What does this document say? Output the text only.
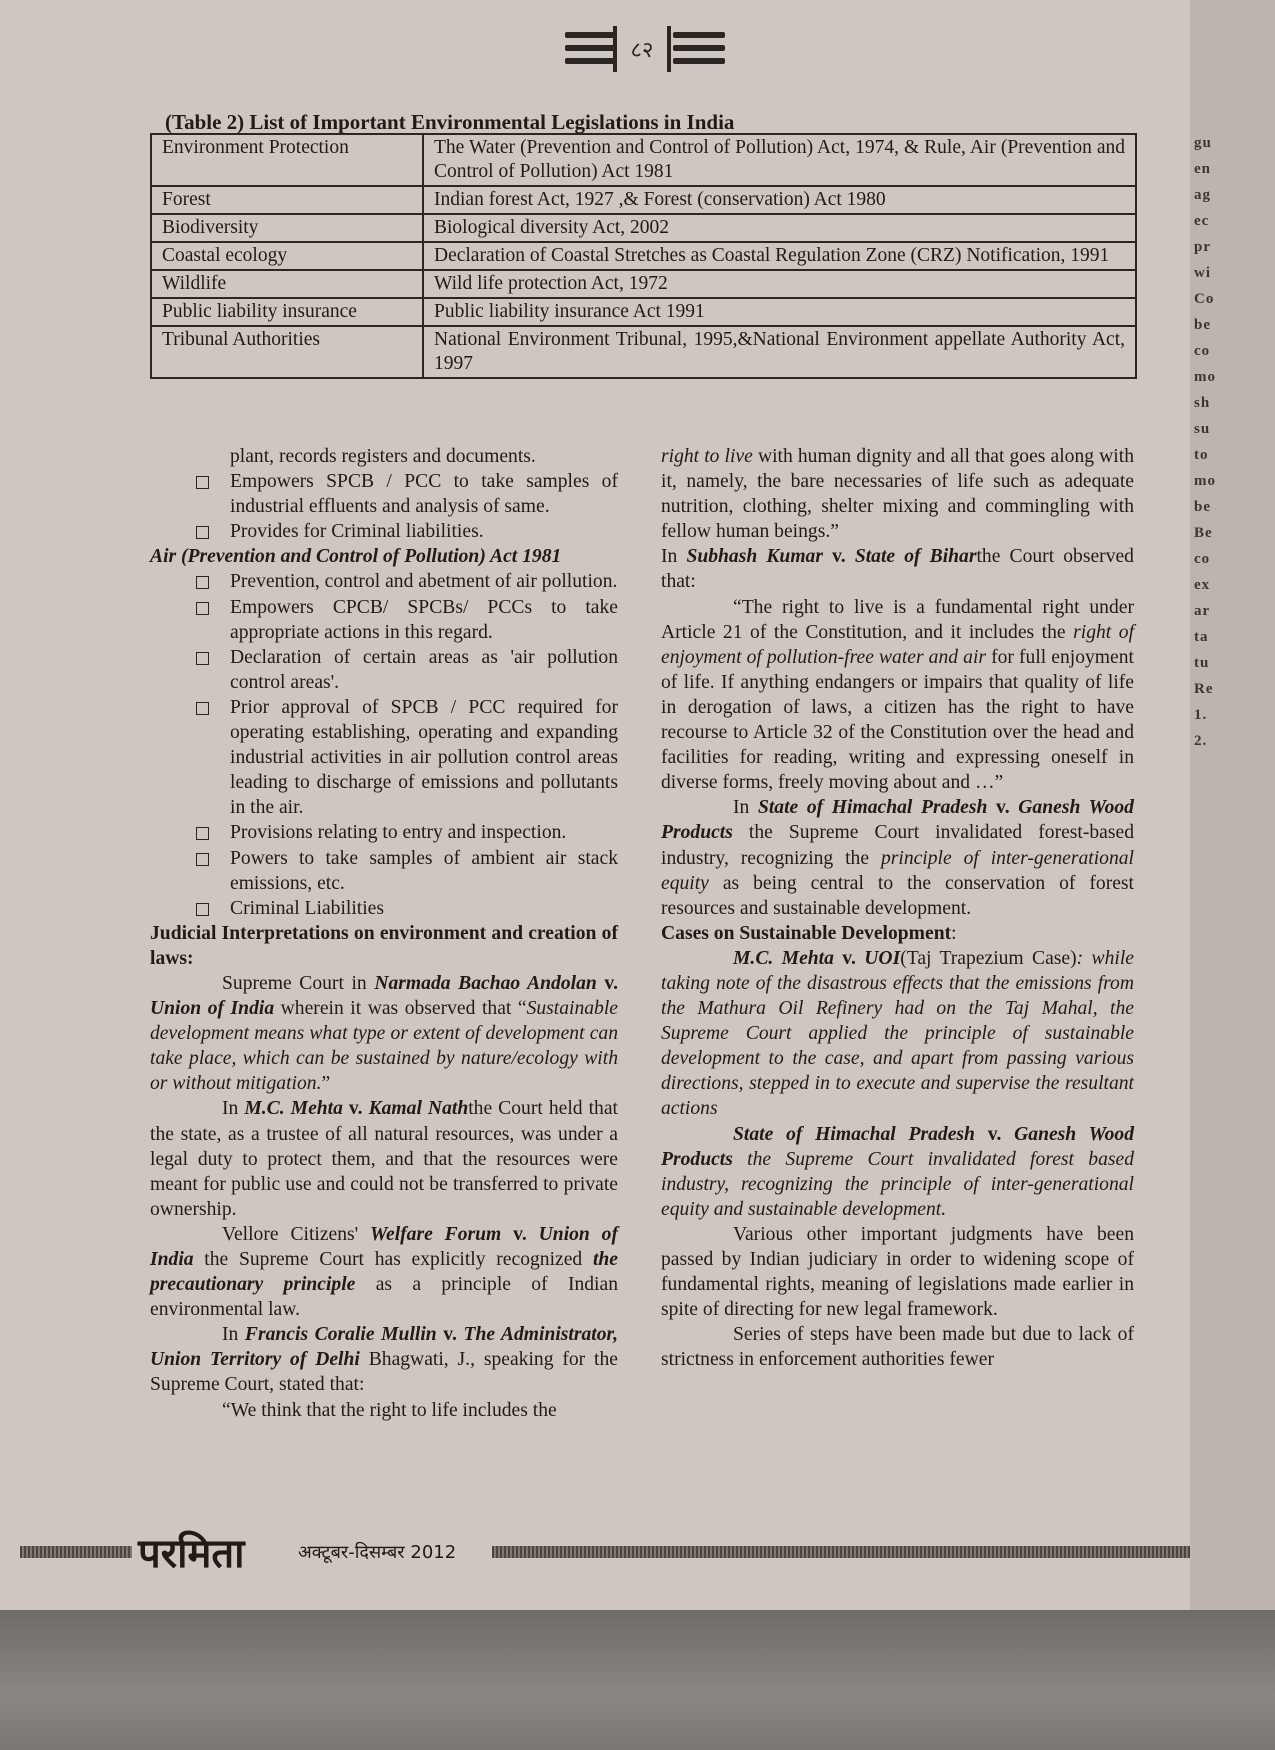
८२
(Table 2) List of Important Environmental Legislations in India
Environment Protection	The Water (Prevention and Control of Pollution) Act, 1974, & Rule, Air (Prevention and Control of Pollution) Act 1981
Forest	Indian forest Act, 1927 ,& Forest (conservation) Act 1980
Biodiversity	Biological diversity Act, 2002
Coastal ecology	Declaration of Coastal Stretches as Coastal Regulation Zone (CRZ) Notification, 1991
Wildlife	Wild life protection Act, 1972
Public liability insurance	Public liability insurance Act 1991
Tribunal Authorities	National Environment Tribunal, 1995,&National Environment appellate Authority Act, 1997

plant, records registers and documents.

Empowers SPCB / PCC to take samples of industrial effluents and analysis of same.

Provides for Criminal liabilities.

Air (Prevention and Control of Pollution) Act 1981

Prevention, control and abetment of air pollution.

Empowers CPCB/ SPCBs/ PCCs to take appropriate actions in this regard.

Declaration of certain areas as 'air pollution control areas'.

Prior approval of SPCB / PCC required for operating establishing, operating and expanding industrial activities in air pollution control areas leading to discharge of emissions and pollutants in the air.

Provisions relating to entry and inspection.

Powers to take samples of ambient air stack emissions, etc.

Criminal Liabilities

Judicial Interpretations on environment and creation of laws:

Supreme Court in Narmada Bachao Andolan v. Union of India wherein it was observed that “Sustainable development means what type or extent of development can take place, which can be sustained by nature/ecology with or without mitigation.”

In M.C. Mehta v. Kamal Naththe Court held that the state, as a trustee of all natural resources, was under a legal duty to protect them, and that the resources were meant for public use and could not be transferred to private ownership.

Vellore Citizens' Welfare Forum v. Union of India the Supreme Court has explicitly recognized the precautionary principle as a principle of Indian environmental law.

In Francis Coralie Mullin v. The Administrator, Union Territory of Delhi Bhagwati, J., speaking for the Supreme Court, stated that:

“We think that the right to life includes the

right to live with human dignity and all that goes along with it, namely, the bare necessaries of life such as adequate nutrition, clothing, shelter mixing and commingling with fellow human beings.”

In Subhash Kumar v. State of Biharthe Court observed that:

“The right to live is a fundamental right under Article 21 of the Constitution, and it includes the right of enjoyment of pollution-free water and air for full enjoyment of life. If anything endangers or impairs that quality of life in derogation of laws, a citizen has the right to have recourse to Article 32 of the Constitution over the head and facilities for reading, writing and expressing oneself in diverse forms, freely moving about and …”

In State of Himachal Pradesh v. Ganesh Wood Products the Supreme Court invalidated forest-based industry, recognizing the principle of inter-generational equity as being central to the conservation of forest resources and sustainable development.

Cases on Sustainable Development:

M.C. Mehta v. UOI(Taj Trapezium Case): while taking note of the disastrous effects that the emissions from the Mathura Oil Refinery had on the Taj Mahal, the Supreme Court applied the principle of sustainable development to the case, and apart from passing various directions, stepped in to execute and supervise the resultant actions

State of Himachal Pradesh v. Ganesh Wood Products the Supreme Court invalidated forest based industry, recognizing the principle of inter-generational equity and sustainable development.

Various other important judgments have been passed by Indian judiciary in order to widening scope of fundamental rights, meaning of legislations made earlier in spite of directing for new legal framework.

Series of steps have been made but due to lack of strictness in enforcement authorities fewer

परमिता	अक्टूबर-दिसम्बर 2012
gu
en
ag
ec
pr
wi
Co
be
co
mo
sh
su
to
mo
be
Be
co
ex
ar
ta
tu
Re
1.
2.
